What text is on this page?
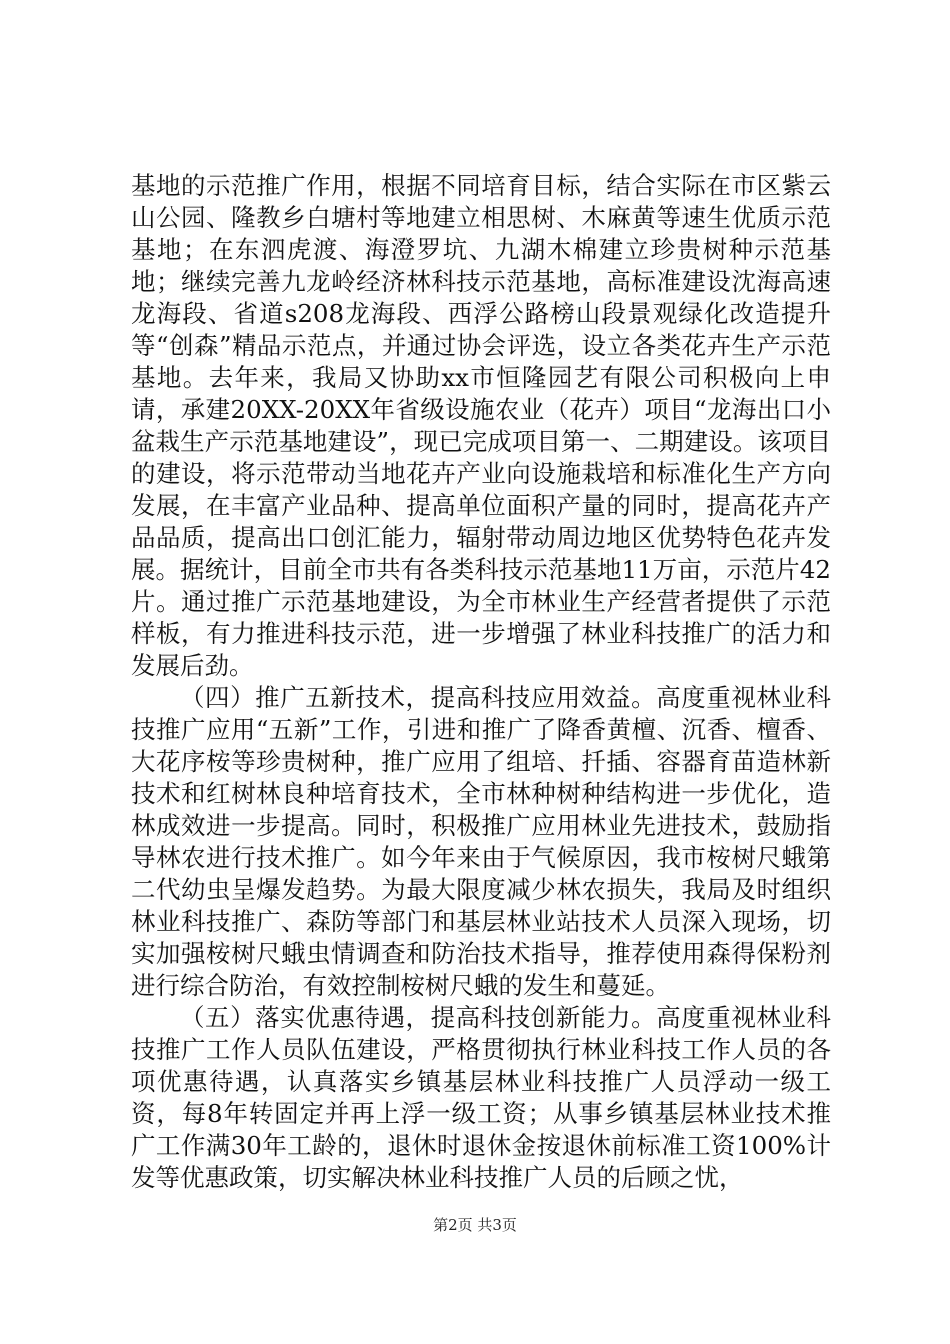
基地的示范推广作用，根据不同培育目标，结合实际在市区紫云山公园、隆教乡白塘村等地建立相思树、木麻黄等速生优质示范基地；在东泗虎渡、海澄罗坑、九湖木棉建立珍贵树种示范基地；继续完善九龙岭经济林科技示范基地，高标准建设沈海高速龙海段、省道s208龙海段、西浮公路榜山段景观绿化改造提升等“创森”精品示范点，并通过协会评选，设立各类花卉生产示范基地。去年来，我局又协助xx市恒隆园艺有限公司积极向上申请，承建20XX-20XX年省级设施农业（花卉）项目“龙海出口小盆栽生产示范基地建设”，现已完成项目第一、二期建设。该项目的建设，将示范带动当地花卉产业向设施栽培和标准化生产方向发展，在丰富产业品种、提高单位面积产量的同时，提高花卉产品品质，提高出口创汇能力，辐射带动周边地区优势特色花卉发展。据统计，目前全市共有各类科技示范基地11万亩，示范片42片。通过推广示范基地建设，为全市林业生产经营者提供了示范样板，有力推进科技示范，进一步增强了林业科技推广的活力和发展后劲。

（四）推广五新技术，提高科技应用效益。高度重视林业科技推广应用“五新”工作，引进和推广了降香黄檀、沉香、檀香、大花序桉等珍贵树种，推广应用了组培、扦插、容器育苗造林新技术和红树林良种培育技术，全市林种树种结构进一步优化，造林成效进一步提高。同时，积极推广应用林业先进技术，鼓励指导林农进行技术推广。如今年来由于气候原因，我市桉树尺蛾第二代幼虫呈爆发趋势。为最大限度减少林农损失，我局及时组织林业科技推广、森防等部门和基层林业站技术人员深入现场，切实加强桉树尺蛾虫情调查和防治技术指导，推荐使用森得保粉剂进行综合防治，有效控制桉树尺蛾的发生和蔓延。

（五）落实优惠待遇，提高科技创新能力。高度重视林业科技推广工作人员队伍建设，严格贯彻执行林业科技工作人员的各项优惠待遇，认真落实乡镇基层林业科技推广人员浮动一级工资，每8年转固定并再上浮一级工资；从事乡镇基层林业技术推广工作满30年工龄的，退休时退休金按退休前标准工资100%计发等优惠政策，切实解决林业科技推广人员的后顾之忧，

第2页 共3页
